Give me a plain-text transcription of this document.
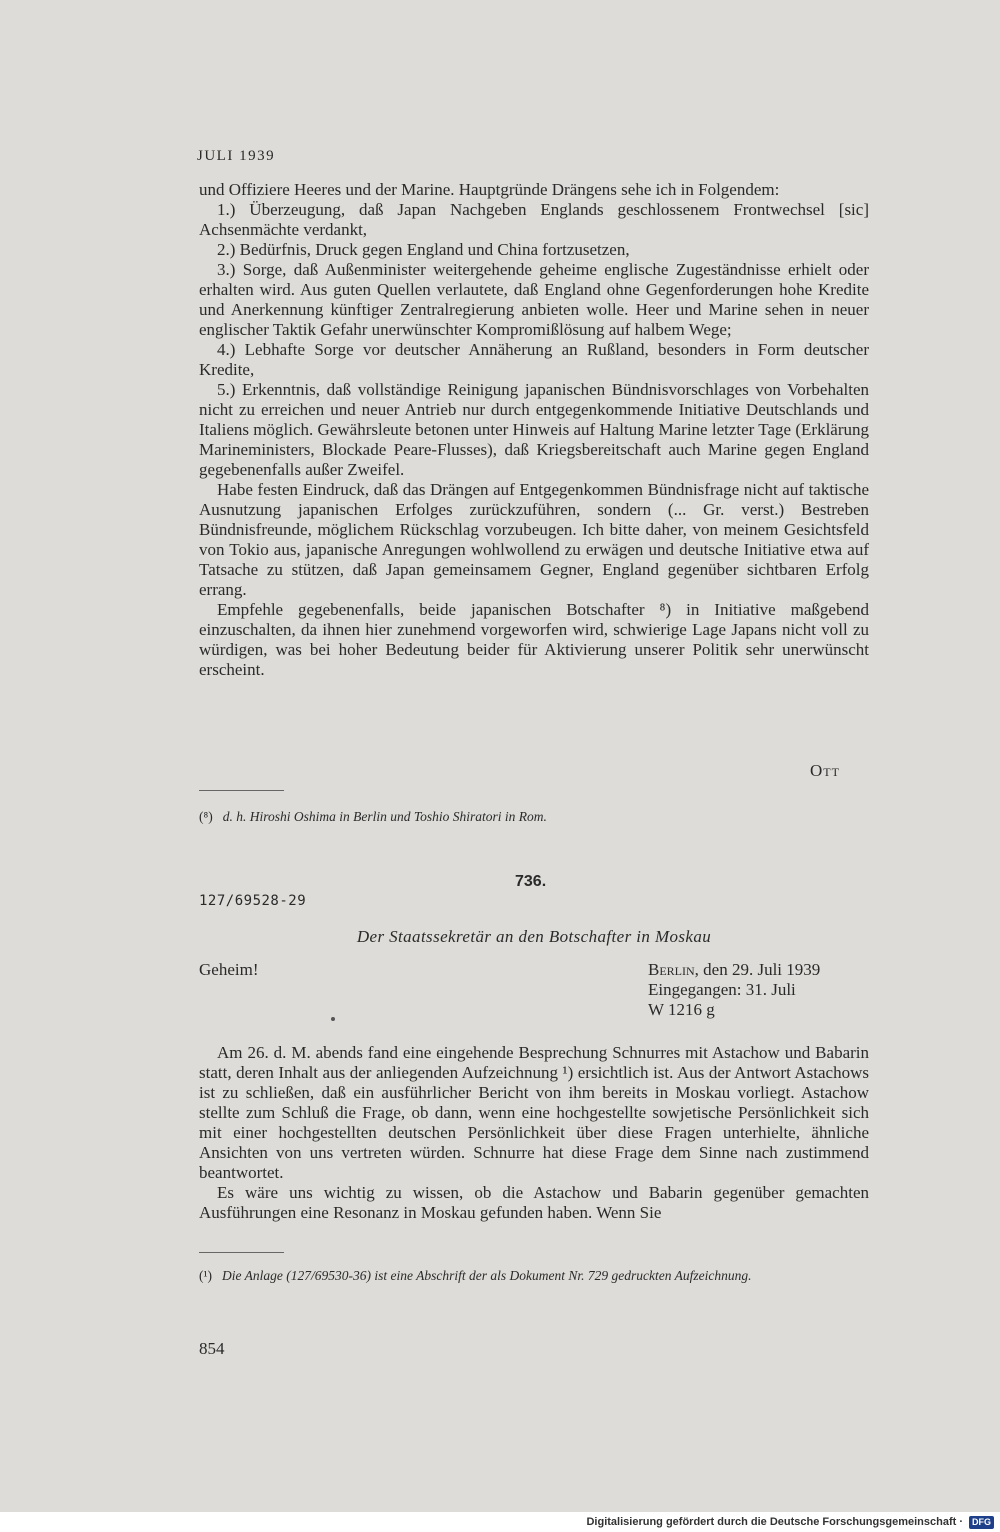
JULI 1939

und Offiziere Heeres und der Marine. Hauptgründe Drängens sehe ich in Folgendem:

1.) Überzeugung, daß Japan Nachgeben Englands geschlossenem Frontwechsel [sic] Achsenmächte verdankt,

2.) Bedürfnis, Druck gegen England und China fortzusetzen,

3.) Sorge, daß Außenminister weitergehende geheime englische Zugeständnisse erhielt oder erhalten wird. Aus guten Quellen verlautete, daß England ohne Gegenforderungen hohe Kredite und Anerkennung künftiger Zentralregierung anbieten wolle. Heer und Marine sehen in neuer englischer Taktik Gefahr unerwünschter Kompromißlösung auf halbem Wege;

4.) Lebhafte Sorge vor deutscher Annäherung an Rußland, besonders in Form deutscher Kredite,

5.) Erkenntnis, daß vollständige Reinigung japanischen Bündnisvorschlages von Vorbehalten nicht zu erreichen und neuer Antrieb nur durch entgegenkommende Initiative Deutschlands und Italiens möglich. Gewährsleute betonen unter Hinweis auf Haltung Marine letzter Tage (Erklärung Marineministers, Blockade Peare-Flusses), daß Kriegsbereitschaft auch Marine gegen England gegebenenfalls außer Zweifel.

Habe festen Eindruck, daß das Drängen auf Entgegenkommen Bündnisfrage nicht auf taktische Ausnutzung japanischen Erfolges zurückzuführen, sondern (... Gr. verst.) Bestreben Bündnisfreunde, möglichem Rückschlag vorzubeugen. Ich bitte daher, von meinem Gesichtsfeld von Tokio aus, japanische Anregungen wohlwollend zu erwägen und deutsche Initiative etwa auf Tatsache zu stützen, daß Japan gemeinsamem Gegner, England gegenüber sichtbaren Erfolg errang.

Empfehle gegebenenfalls, beide japanischen Botschafter ⁸) in Initiative maßgebend einzuschalten, da ihnen hier zunehmend vorgeworfen wird, schwierige Lage Japans nicht voll zu würdigen, was bei hoher Bedeutung beider für Aktivierung unserer Politik sehr unerwünscht erscheint.

Ott
(⁸) d. h. Hiroshi Oshima in Berlin und Toshio Shiratori in Rom.
736.
127/69528-29
Der Staatssekretär an den Botschafter in Moskau
Geheim!	Berlin, den 29. Juli 1939
Eingegangen: 31. Juli
W 1216 g

Am 26. d. M. abends fand eine eingehende Besprechung Schnurres mit Astachow und Babarin statt, deren Inhalt aus der anliegenden Aufzeichnung ¹) ersichtlich ist. Aus der Antwort Astachows ist zu schließen, daß ein ausführlicher Bericht von ihm bereits in Moskau vorliegt. Astachow stellte zum Schluß die Frage, ob dann, wenn eine hochgestellte sowjetische Persönlichkeit sich mit einer hochgestellten deutschen Persönlichkeit über diese Fragen unterhielte, ähnliche Ansichten von uns vertreten würden. Schnurre hat diese Frage dem Sinne nach zustimmend beantwortet.

Es wäre uns wichtig zu wissen, ob die Astachow und Babarin gegenüber gemachten Ausführungen eine Resonanz in Moskau gefunden haben. Wenn Sie

(¹) Die Anlage (127/69530-36) ist eine Abschrift der als Dokument Nr. 729 gedruckten Aufzeichnung.
854
Digitalisierung gefördert durch die Deutsche Forschungsgemeinschaft · DFG
